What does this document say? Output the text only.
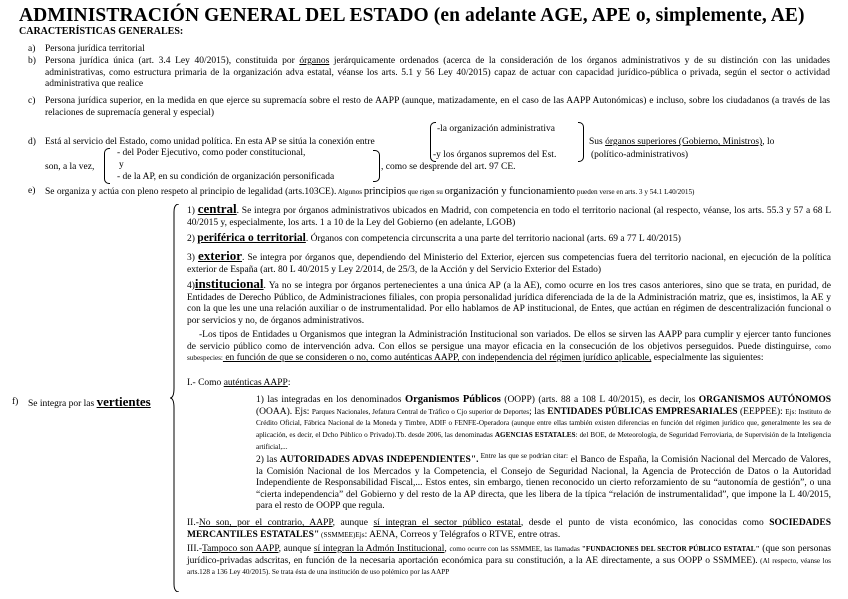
ADMINISTRACIÓN GENERAL DEL ESTADO (en adelante AGE, APE o, simplemente, AE)
CARACTERÍSTICAS GENERALES:
a) Persona jurídica territorial
b) Persona jurídica única (art. 3.4 Ley 40/2015), constituida por órganos jerárquicamente ordenados (acerca de la consideración de los órganos administrativos y de su distinción con las unidades administrativas, como estructura primaria de la organización adva estatal, véanse los arts. 5.1 y 56 Ley 40/2015) capaz de actuar con capacidad jurídico-pública o privada, según el sector o actividad administrativa que realice
c) Persona jurídica superior, en la medida en que ejerce su supremacía sobre el resto de AAPP (aunque, matizadamente, en el caso de las AAPP Autonómicas) e incluso, sobre los ciudadanos (a través de las relaciones de supremacía general y especial)
d) Está al servicio del Estado, como unidad política. En esta AP se sitúa la conexión entre
-la organización administrativa
-y los órganos supremos del Est.
Sus órganos superiores (Gobierno, Ministros), lo
(político-administrativos)
son, a la vez,
- del Poder Ejecutivo, como poder constitucional,
y
- de la AP, en su condición de organización personificada
, como se desprende del art. 97 CE.
e) Se organiza y actúa con pleno respeto al principio de legalidad (arts.103CE). Algunos principios que rigen su organización y funcionamiento pueden verse en arts. 3 y 54.1 L40/2015)
f) Se integra por las vertientes
1) central. Se integra por órganos administrativos ubicados en Madrid, con competencia en todo el territorio nacional (al respecto, véanse, los arts. 55.3 y 57 a 68 L 40/2015 y, especialmente, los arts. 1 a 10 de la Ley del Gobierno (en adelante, LGOB)
2) periférica o territorial. Órganos con competencia circunscrita a una parte del territorio nacional (arts. 69 a 77 L 40/2015)
3) exterior. Se integra por órganos que, dependiendo del Ministerio del Exterior, ejercen sus competencias fuera del territorio nacional, en ejecución de la política exterior de España (art. 80 L 40/2015 y Ley 2/2014, de 25/3, de la Acción y del Servicio Exterior del Estado)
4)institucional. Ya no se integra por órganos pertenecientes a una única AP (a la AE), como ocurre en los tres casos anteriores, sino que se trata, en puridad, de Entidades de Derecho Público, de Administraciones filiales, con propia personalidad jurídica diferenciada de la de la Administración matriz, que es, insistimos, la AE y con la que les une una relación auxiliar o de instrumentalidad. Por ello hablamos de AP institucional, de Entes, que actúan en régimen de descentralización funcional o por servicios y no, de órganos administrativos.
-Los tipos de Entidades u Organismos que integran la Administración Institucional son variados. De ellos se sirven las AAPP para cumplir y ejercer tanto funciones de servicio público como de intervención adva. Con ellos se persigue una mayor eficacia en la consecución de los objetivos perseguidos. Puede distinguirse, como subespecies: en función de que se consideren o no, como auténticas AAPP, con independencia del régimen jurídico aplicable, especialmente las siguientes:
I.- Como auténticas AAPP:
1) las integradas en los denominados Organismos Públicos (OOPP) (arts. 88 a 108 L 40/2015), es decir, los ORGANISMOS AUTÓNOMOS (OOAA). Ejs: Parques Nacionales, Jefatura Central de Tráfico o Cjo superior de Deportes; las ENTIDADES PÚBLICAS EMPRESARIALES (EEPPEE): Ejs: Instituto de Crédito Oficial, Fábrica Nacional de la Moneda y Timbre, ADIF o FENFE-Operadora (aunque entre ellas también existen diferencias en función del régimen jurídico que, generalmente les sea de aplicación, es decir, el Dcho Público o Privado).Tb. desde 2006, las denominadas AGENCIAS ESTATALES: del BOE, de Meteorología, de Seguridad Ferroviaria, de Supervisión de la Inteligencia artificial,...
2) las AUTORIDADES ADVAS INDEPENDIENTES". $^{Entre las que se podrían citar:}$ el Banco de España, la Comisión Nacional del Mercado de Valores, la Comisión Nacional de los Mercados y la Competencia, el Consejo de Seguridad Nacional, la Agencia de Protección de Datos o la Autoridad Independiente de Responsabilidad Fiscal,... Estos entes, sin embargo, tienen reconocido un cierto reforzamiento de su “autonomía de gestión”, o una “cierta independencia” del Gobierno y del resto de la AP directa, que les libera de la típica “relación de instrumentalidad”, que impone la L 40/2015, para el resto de OOPP que regula.
II.-No son, por el contrario, AAPP, aunque sí integran el sector público estatal, desde el punto de vista económico, las conocidas como SOCIEDADES MERCANTILES ESTATALES" (SSMMEE)Ejs: AENA, Correos y Telégrafos o RTVE, entre otras.
III.-Tampoco son AAPP, aunque sí integran la Admón Institucional, como ocurre con las SSMMEE, las llamadas "FUNDACIONES DEL SECTOR PÚBLICO ESTATAL" (que son personas jurídico-privadas adscritas, en función de la necesaria aportación económica para su constitución, a la AE directamente, a sus OOPP o SSMMEE). (Al respecto, véanse los arts.128 a 136 Ley 40/2015). Se trata ésta de una institución de uso polémico por las AAPP
